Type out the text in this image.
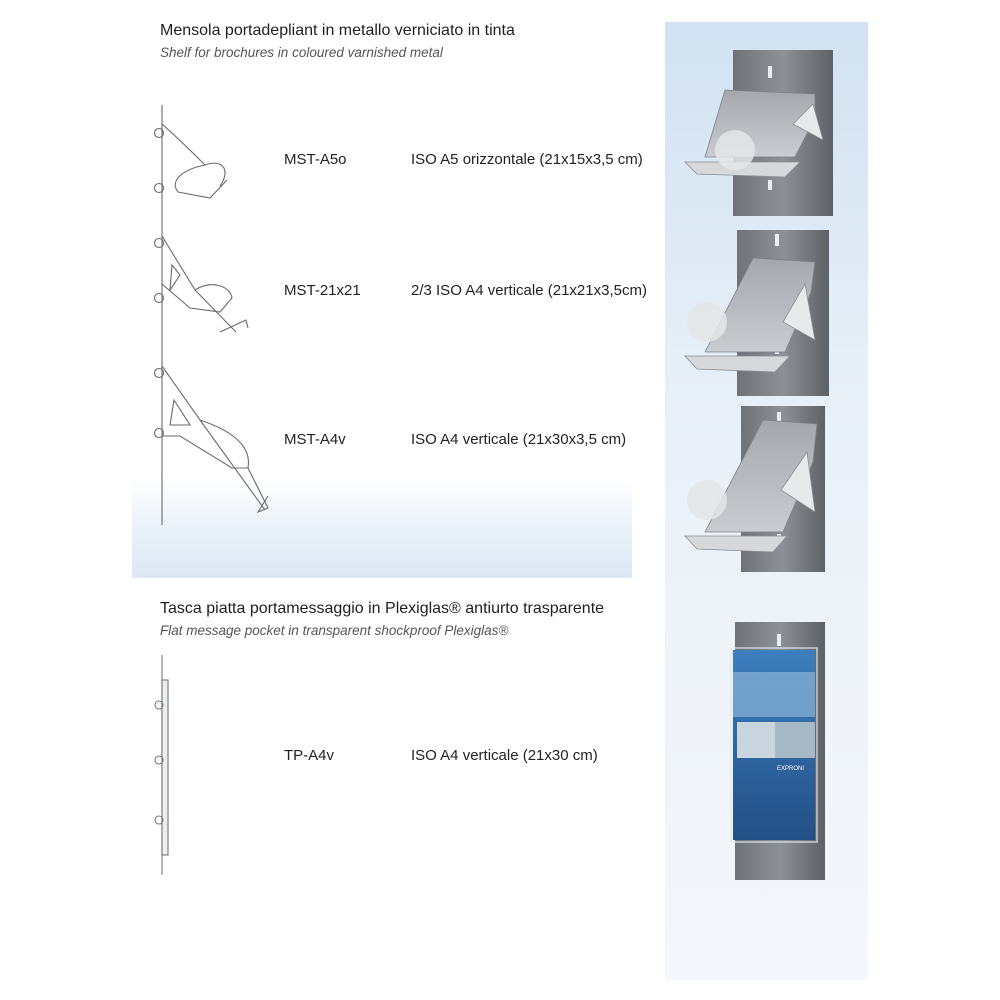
Mensola portadepliant in metallo verniciato in tinta
Shelf for brochures in coloured varnished metal
MST-A5o	ISO A5 orizzontale (21x15x3,5 cm)
MST-21x21	2/3 ISO A4 verticale (21x21x3,5cm)
MST-A4v	ISO A4 verticale (21x30x3,5 cm)
Tasca piatta portamessaggio in Plexiglas® antiurto trasparente
Flat message pocket in transparent shockproof Plexiglas®
TP-A4v	ISO A4 verticale (21x30 cm)
EXPRONI
